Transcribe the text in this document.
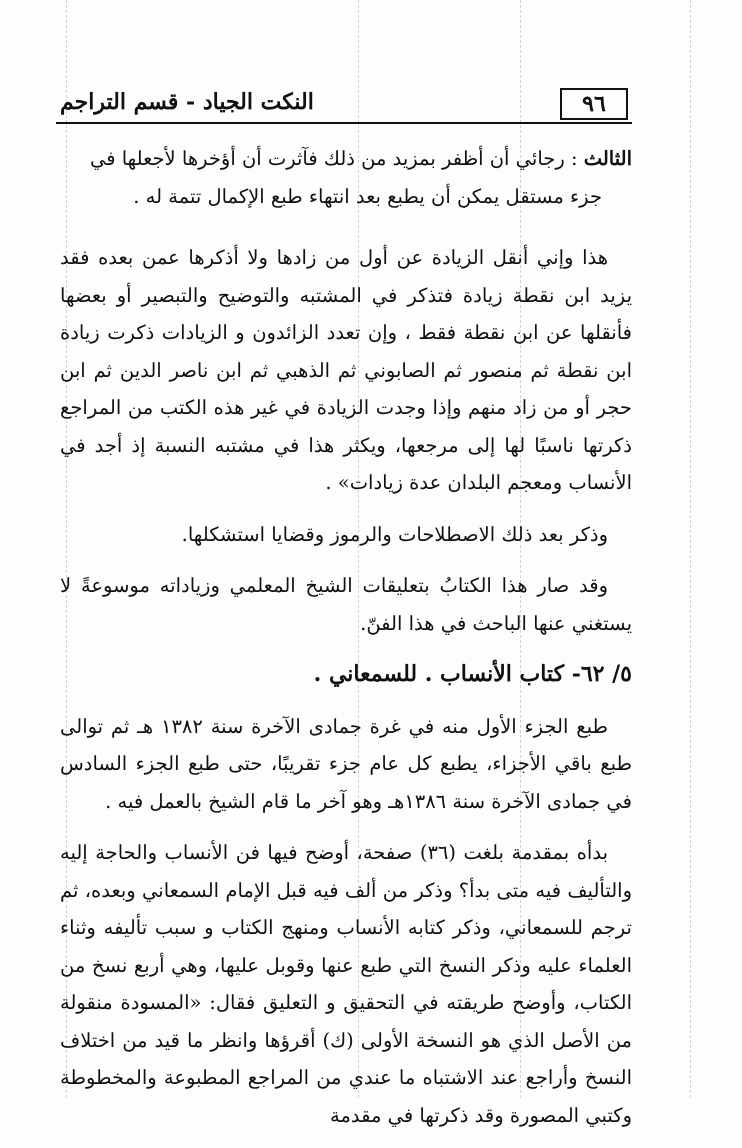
٩٦
النكت الجياد - قسم التراجم

الثالث : رجائي أن أظفر بمزيد من ذلك فآثرت أن أؤخرها لأجعلها في

جزء مستقل يمكن أن يطبع بعد انتهاء طبع الإكمال تتمة له .

هذا وإني أنقل الزيادة عن أول من زادها ولا أذكرها عمن بعده فقد يزيد ابن نقطة زيادة فتذكر في المشتبه والتوضيح والتبصير أو بعضها فأنقلها عن ابن نقطة فقط ، وإن تعدد الزائدون و الزيادات ذكرت زيادة ابن نقطة ثم منصور ثم الصابوني ثم الذهبي ثم ابن ناصر الدين ثم ابن حجر أو من زاد منهم وإذا وجدت الزيادة في غير هذه الكتب من المراجع ذكرتها ناسبًا لها إلى مرجعها، ويكثر هذا في مشتبه النسبة إذ أجد في الأنساب ومعجم البلدان عدة زيادات» .

وذكر بعد ذلك الاصطلاحات والرموز وقضايا استشكلها.

وقد صار هذا الكتابُ بتعليقات الشيخ المعلمي وزياداته موسوعةً لا يستغني عنها الباحث في هذا الفنّ.

٥/ ٦٢- كتاب الأنساب . للسمعاني .

طبع الجزء الأول منه في غرة جمادى الآخرة سنة ١٣٨٢ هـ ثم توالى طبع باقي الأجزاء، يطبع كل عام جزء تقريبًا، حتى طبع الجزء السادس في جمادى الآخرة سنة ١٣٨٦هـ وهو آخر ما قام الشيخ بالعمل فيه .

بدأه بمقدمة بلغت (٣٦) صفحة، أوضح فيها فن الأنساب والحاجة إليه والتأليف فيه متى بدأ؟ وذكر من ألف فيه قبل الإمام السمعاني وبعده، ثم ترجم للسمعاني، وذكر كتابه الأنساب ومنهج الكتاب و سبب تأليفه وثناء العلماء عليه وذكر النسخ التي طبع عنها وقوبل عليها، وهي أربع نسخ من الكتاب، وأوضح طريقته في التحقيق و التعليق فقال: «المسودة منقولة من الأصل الذي هو النسخة الأولى (ك) أقرؤها وانظر ما قيد من اختلاف النسخ وأراجع عند الاشتباه ما عندي من المراجع المطبوعة والمخطوطة وكتبي المصورة وقد ذكرتها في مقدمة
